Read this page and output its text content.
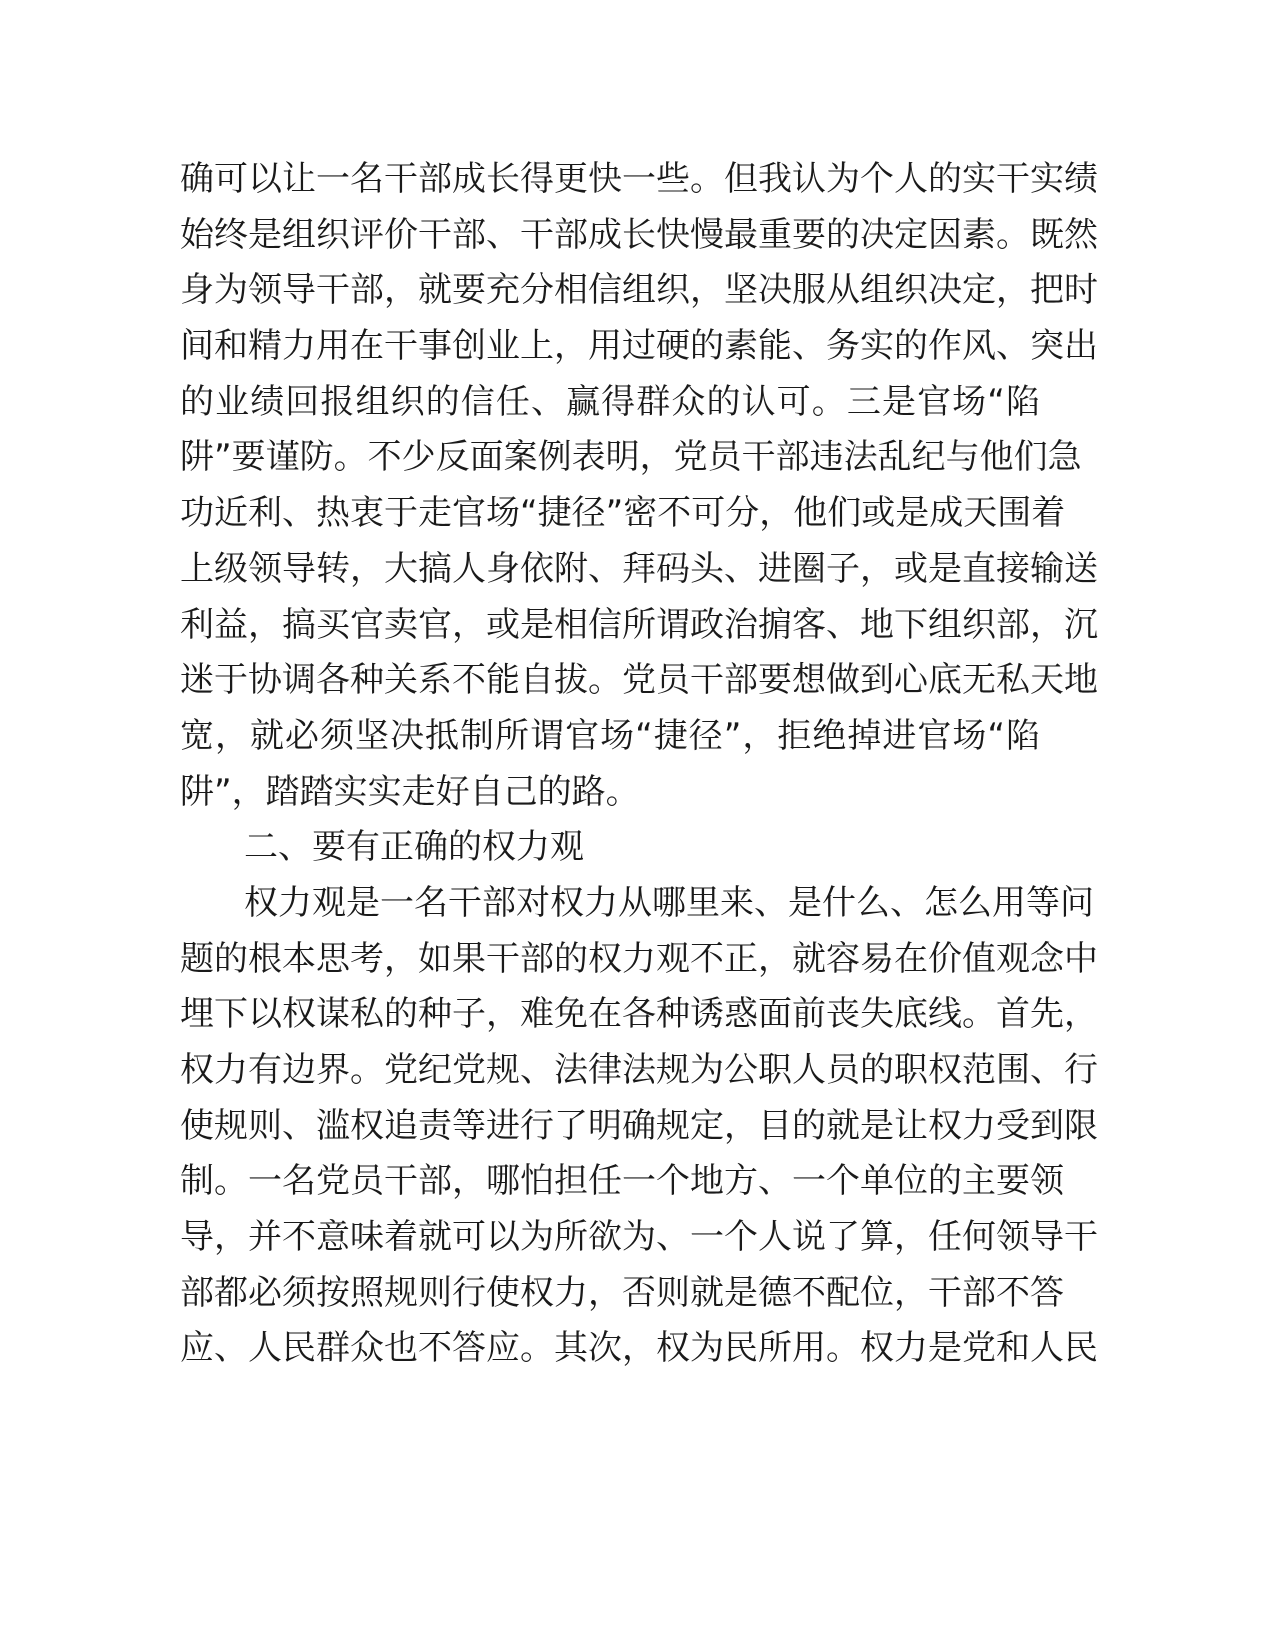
确可以让一名干部成长得更快一些。但我认为个人的实干实绩
始终是组织评价干部、干部成长快慢最重要的决定因素。既然
身为领导干部，就要充分相信组织，坚决服从组织决定，把时
间和精力用在干事创业上，用过硬的素能、务实的作风、突出
的业绩回报组织的信任、赢得群众的认可。三是官场“陷
阱”要谨防。不少反面案例表明，党员干部违法乱纪与他们急
功近利、热衷于走官场“捷径”密不可分，他们或是成天围着
上级领导转，大搞人身依附、拜码头、进圈子，或是直接输送
利益，搞买官卖官，或是相信所谓政治掮客、地下组织部，沉
迷于协调各种关系不能自拔。党员干部要想做到心底无私天地
宽，就必须坚决抵制所谓官场“捷径”，拒绝掉进官场“陷
阱”，踏踏实实走好自己的路。
二、要有正确的权力观
权力观是一名干部对权力从哪里来、是什么、怎么用等问
题的根本思考，如果干部的权力观不正，就容易在价值观念中
埋下以权谋私的种子，难免在各种诱惑面前丧失底线。首先，
权力有边界。党纪党规、法律法规为公职人员的职权范围、行
使规则、滥权追责等进行了明确规定，目的就是让权力受到限
制。一名党员干部，哪怕担任一个地方、一个单位的主要领
导，并不意味着就可以为所欲为、一个人说了算，任何领导干
部都必须按照规则行使权力，否则就是德不配位，干部不答
应、人民群众也不答应。其次，权为民所用。权力是党和人民
